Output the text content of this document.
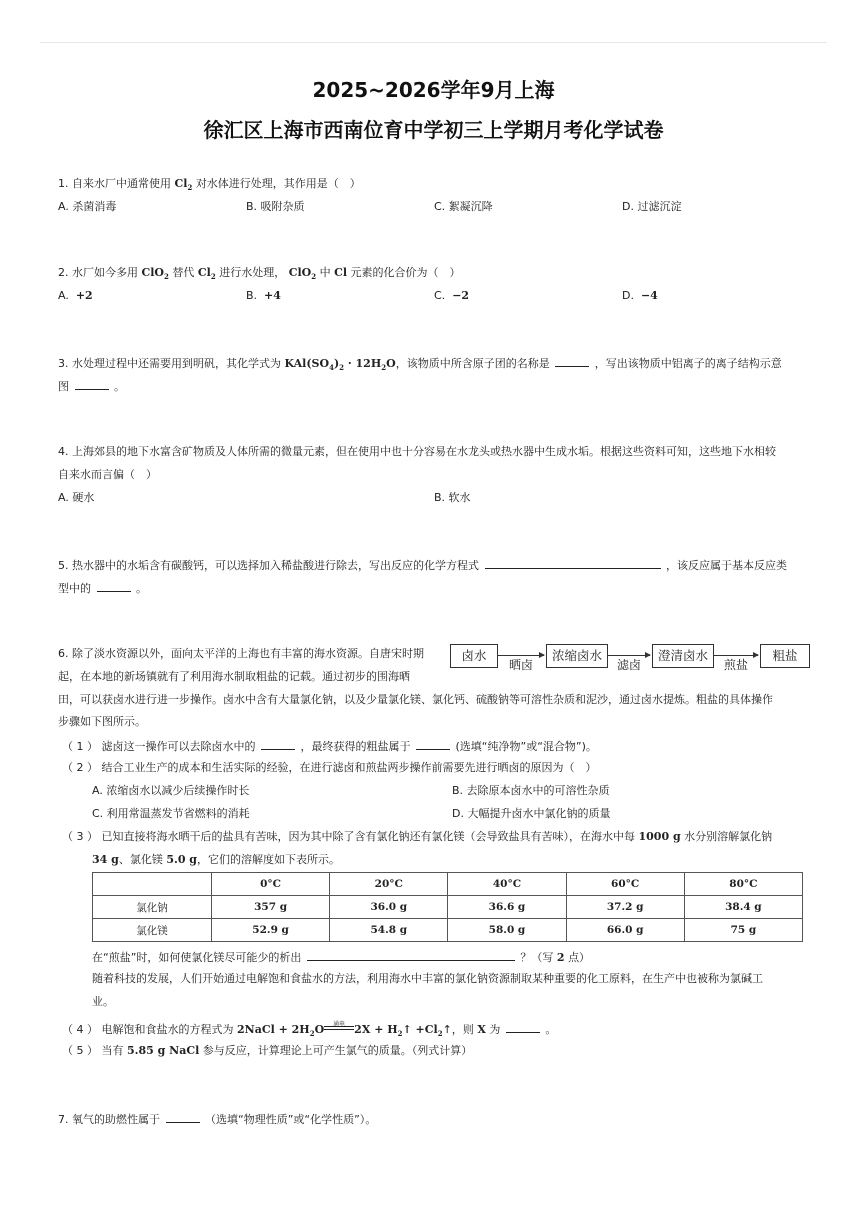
2025~2026学年9月上海
徐汇区上海市西南位育中学初三上学期月考化学试卷
1. 自来水厂中通常使用 $Cl_2$ 对水体进行处理，其作用是（　）
A. 杀菌消毒	B. 吸附杂质	C. 絮凝沉降	D. 过滤沉淀
2. 水厂如今多用 ClO$_2$ 替代 $Cl_2$ 进行水处理， ClO$_2$ 中 Cl 元素的化合价为（　）
A. +2	B. +4	C. −2	D. −4
3. 水处理过程中还需要用到明矾，其化学式为 $KAl(SO_4)_2 \cdot 12H_2O$，该物质中所含原子团的名称是	，写出该物质中铝离子的离子结构示意
图	。
4. 上海郊县的地下水富含矿物质及人体所需的微量元素，但在使用中也十分容易在水龙头或热水器中生成水垢。根据这些资料可知，这些地下水相较
自来水而言偏（　）
A. 硬水	B. 软水
5. 热水器中的水垢含有碳酸钙，可以选择加入稀盐酸进行除去，写出反应的化学方程式	，该反应属于基本反应类
型中的	。
6. 除了淡水资源以外，面向太平洋的上海也有丰富的海水资源。自唐宋时期
起，在本地的新场镇就有了利用海水制取粗盐的记载。通过初步的围海晒
田，可以获卤水进行进一步操作。卤水中含有大量氯化钠，以及少量氯化镁、氯化钙、硫酸钠等可溶性杂质和泥沙，通过卤水提炼。粗盐的具体操作
步骤如下图所示。
卤水
晒卤
浓缩卤水
滤卤
澄清卤水
煎盐
粗盐
（ 1 ） 滤卤这一操作可以去除卤水中的	，最终获得的粗盐属于	(选填“纯净物”或“混合物”)。
（ 2 ） 结合工业生产的成本和生活实际的经验，在进行滤卤和煎盐两步操作前需要先进行晒卤的原因为（　）
A. 浓缩卤水以减少后续操作时长	B. 去除原本卤水中的可溶性杂质
C. 利用常温蒸发节省燃料的消耗	D. 大幅提升卤水中氯化钠的质量
（ 3 ） 已知直接将海水晒干后的盐具有苦味，因为其中除了含有氯化钠还有氯化镁（会导致盐具有苦味），在海水中每 1000 g 水分别溶解氯化钠
34 g、氯化镁 5.0 g，它们的溶解度如下表所示。
	0°C	20°C	40°C	60°C	80°C
氯化钠	357 g	36.0 g	36.6 g	37.2 g	38.4 g
氯化镁	52.9 g	54.8 g	58.0 g	66.0 g	75 g
在“煎盐”时，如何使氯化镁尽可能少的析出	？（写 2 点）
随着科技的发展，人们开始通过电解饱和食盐水的方法，利用海水中丰富的氯化钠资源制取某种重要的化工原料，在生产中也被称为氯碱工
业。
（ 4 ） 电解饱和食盐水的方程式为 2NaCl + $2H_2O$	通电 $2X + H_2↑$ $+Cl_2↑$，则 X 为	。
（ 5 ） 当有 5.85 g NaCl 参与反应，计算理论上可产生氯气的质量。（列式计算）
7. 氧气的助燃性属于	（选填“物理性质”或“化学性质”）。
